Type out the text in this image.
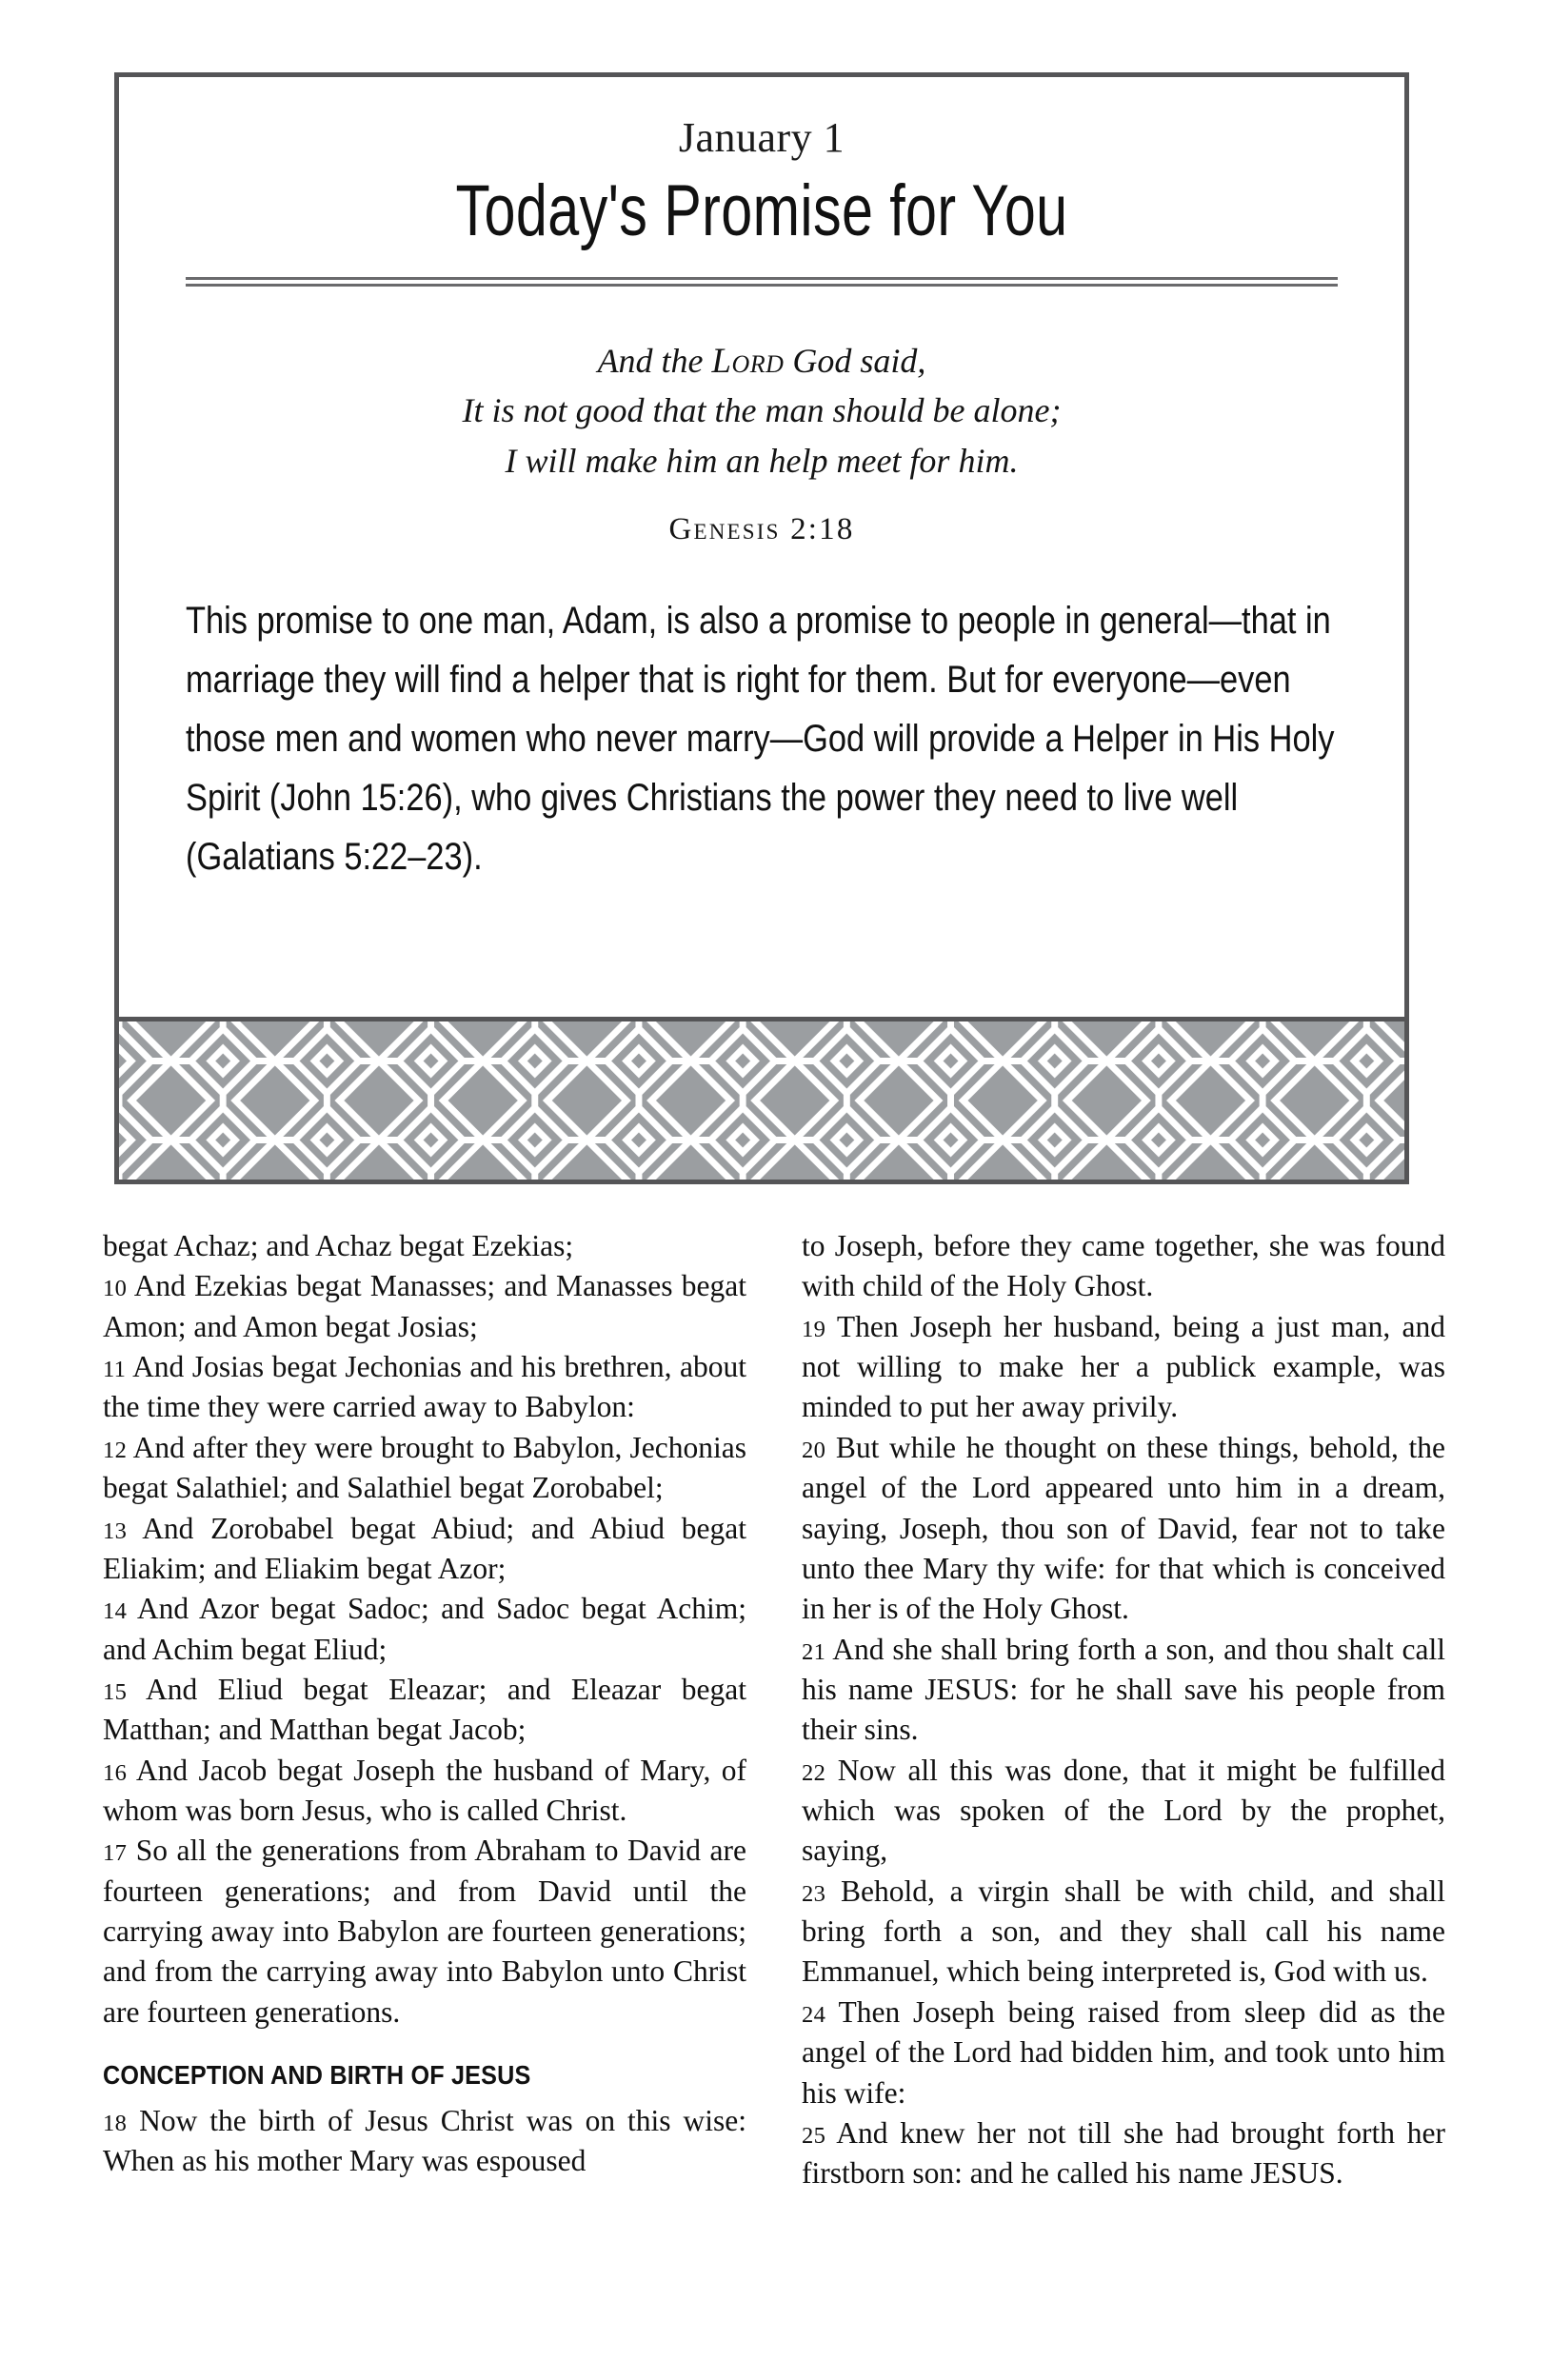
January 1
Today's Promise for You
And the Lord God said,
It is not good that the man should be alone;
I will make him an help meet for him.
Genesis 2:18
This promise to one man, Adam, is also a promise to people in general—that in marriage they will find a helper that is right for them. But for everyone—even those men and women who never marry—God will provide a Helper in His Holy Spirit (John 15:26), who gives Christians the power they need to live well (Galatians 5:22–23).

begat Achaz; and Achaz begat Ezekias;

10 And Ezekias begat Manasses; and Manasses begat Amon; and Amon begat Josias;

11 And Josias begat Jechonias and his brethren, about the time they were carried away to Babylon:

12 And after they were brought to Babylon, Jechonias begat Salathiel; and Salathiel begat Zorobabel;

13 And Zorobabel begat Abiud; and Abiud begat Eliakim; and Eliakim begat Azor;

14 And Azor begat Sadoc; and Sadoc begat Achim; and Achim begat Eliud;

15 And Eliud begat Eleazar; and Eleazar begat Matthan; and Matthan begat Jacob;

16 And Jacob begat Joseph the husband of Mary, of whom was born Jesus, who is called Christ.

17 So all the generations from Abraham to David are fourteen generations; and from David until the carrying away into Babylon are fourteen generations; and from the carrying away into Babylon unto Christ are fourteen generations.

CONCEPTION AND BIRTH OF JESUS

18 Now the birth of Jesus Christ was on this wise: When as his mother Mary was espoused

to Joseph, before they came together, she was found with child of the Holy Ghost.

19 Then Joseph her husband, being a just man, and not willing to make her a publick example, was minded to put her away privily.

20 But while he thought on these things, behold, the angel of the Lord appeared unto him in a dream, saying, Joseph, thou son of David, fear not to take unto thee Mary thy wife: for that which is conceived in her is of the Holy Ghost.

21 And she shall bring forth a son, and thou shalt call his name JESUS: for he shall save his people from their sins.

22 Now all this was done, that it might be fulfilled which was spoken of the Lord by the prophet, saying,

23 Behold, a virgin shall be with child, and shall bring forth a son, and they shall call his name Emmanuel, which being interpreted is, God with us.

24 Then Joseph being raised from sleep did as the angel of the Lord had bidden him, and took unto him his wife:

25 And knew her not till she had brought forth her firstborn son: and he called his name JESUS.
